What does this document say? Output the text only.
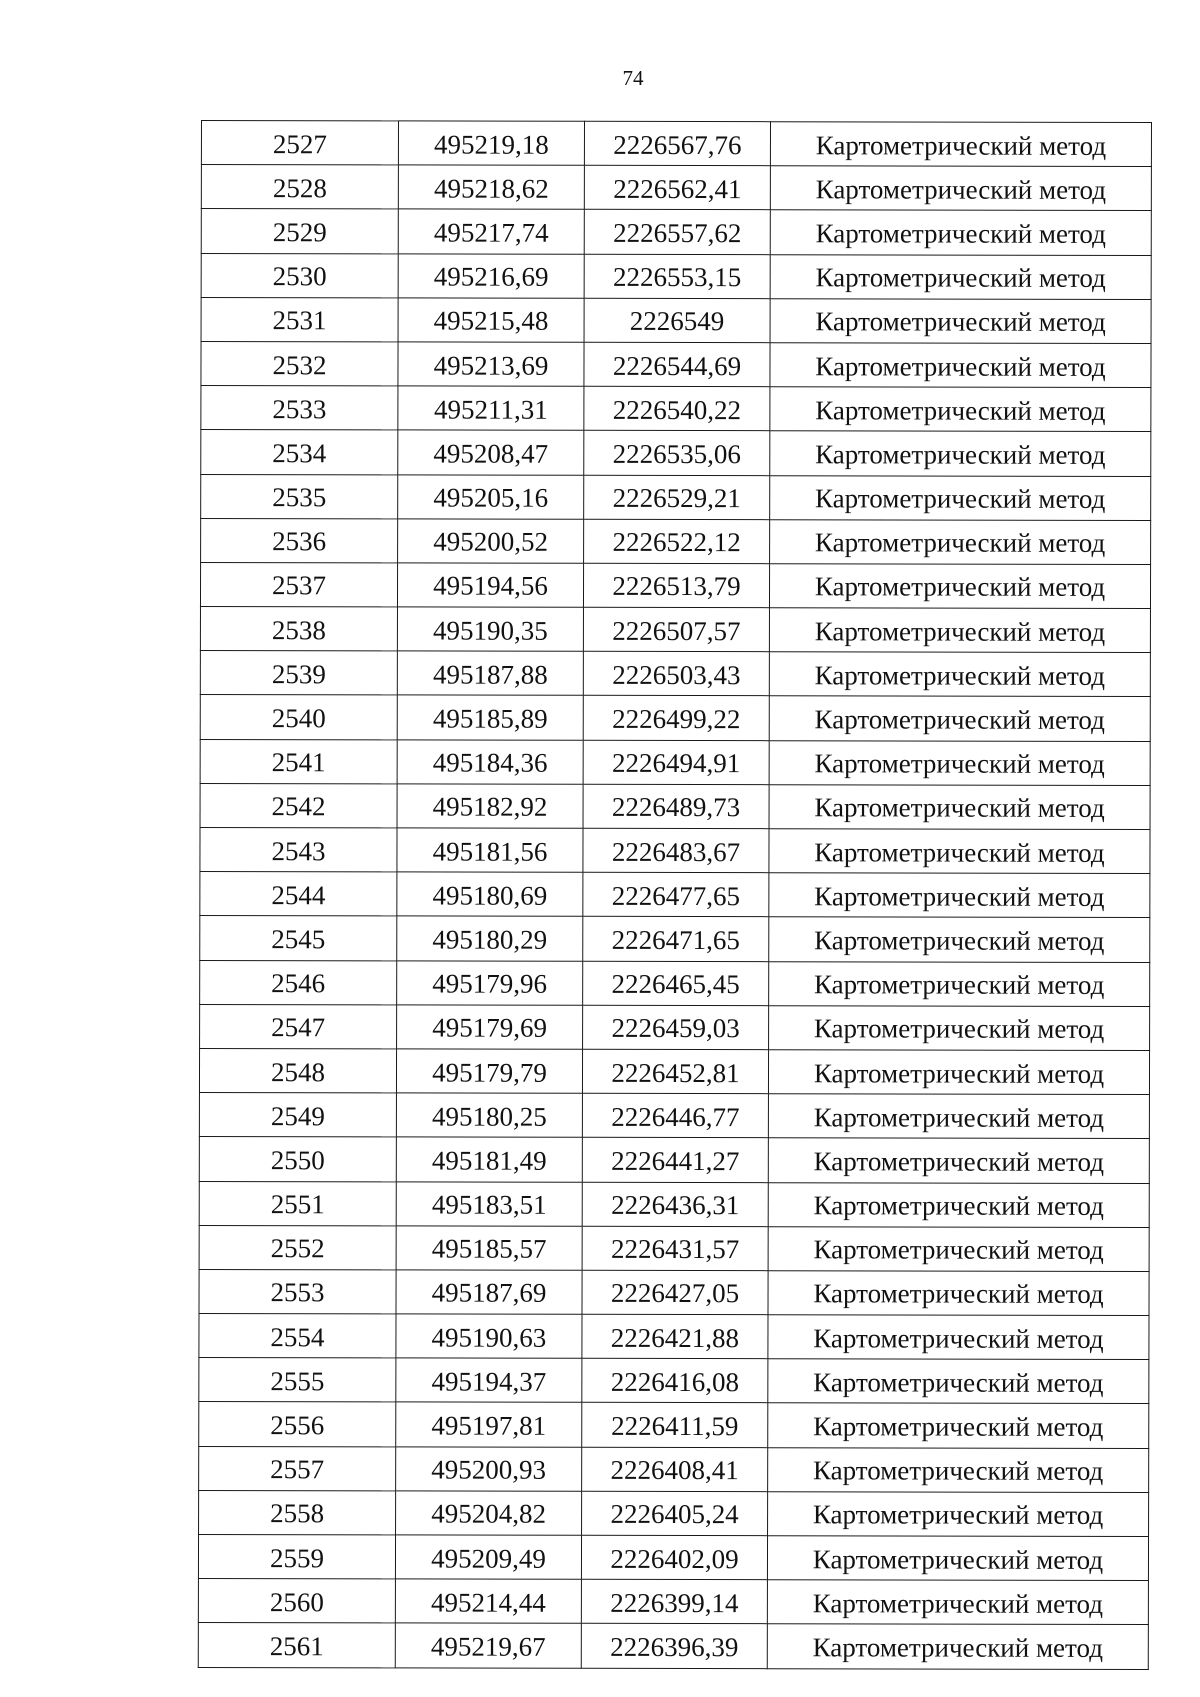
74
2527	495219,18	2226567,76	Картометрический метод
2528	495218,62	2226562,41	Картометрический метод
2529	495217,74	2226557,62	Картометрический метод
2530	495216,69	2226553,15	Картометрический метод
2531	495215,48	2226549	Картометрический метод
2532	495213,69	2226544,69	Картометрический метод
2533	495211,31	2226540,22	Картометрический метод
2534	495208,47	2226535,06	Картометрический метод
2535	495205,16	2226529,21	Картометрический метод
2536	495200,52	2226522,12	Картометрический метод
2537	495194,56	2226513,79	Картометрический метод
2538	495190,35	2226507,57	Картометрический метод
2539	495187,88	2226503,43	Картометрический метод
2540	495185,89	2226499,22	Картометрический метод
2541	495184,36	2226494,91	Картометрический метод
2542	495182,92	2226489,73	Картометрический метод
2543	495181,56	2226483,67	Картометрический метод
2544	495180,69	2226477,65	Картометрический метод
2545	495180,29	2226471,65	Картометрический метод
2546	495179,96	2226465,45	Картометрический метод
2547	495179,69	2226459,03	Картометрический метод
2548	495179,79	2226452,81	Картометрический метод
2549	495180,25	2226446,77	Картометрический метод
2550	495181,49	2226441,27	Картометрический метод
2551	495183,51	2226436,31	Картометрический метод
2552	495185,57	2226431,57	Картометрический метод
2553	495187,69	2226427,05	Картометрический метод
2554	495190,63	2226421,88	Картометрический метод
2555	495194,37	2226416,08	Картометрический метод
2556	495197,81	2226411,59	Картометрический метод
2557	495200,93	2226408,41	Картометрический метод
2558	495204,82	2226405,24	Картометрический метод
2559	495209,49	2226402,09	Картометрический метод
2560	495214,44	2226399,14	Картометрический метод
2561	495219,67	2226396,39	Картометрический метод
